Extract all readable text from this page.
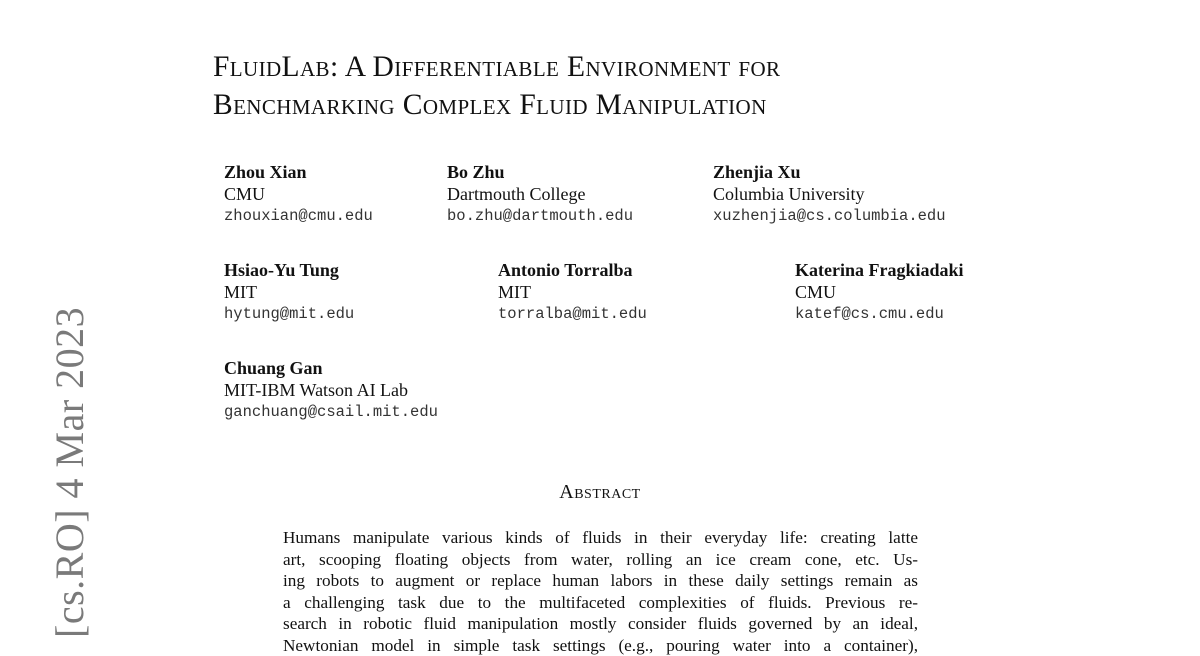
FluidLab: A Differentiable Environment for
Benchmarking Complex Fluid Manipulation
Zhou Xian
CMU
zhouxian@cmu.edu
Bo Zhu
Dartmouth College
bo.zhu@dartmouth.edu
Zhenjia Xu
Columbia University
xuzhenjia@cs.columbia.edu
Hsiao-Yu Tung
MIT
hytung@mit.edu
Antonio Torralba
MIT
torralba@mit.edu
Katerina Fragkiadaki
CMU
katef@cs.cmu.edu
Chuang Gan
MIT-IBM Watson AI Lab
ganchuang@csail.mit.edu
Abstract
Humans manipulate various kinds of fluids in their everyday life: creating latte
art, scooping floating objects from water, rolling an ice cream cone, etc. Us-
ing robots to augment or replace human labors in these daily settings remain as
a challenging task due to the multifaceted complexities of fluids. Previous re-
search in robotic fluid manipulation mostly consider fluids governed by an ideal,
Newtonian model in simple task settings (e.g., pouring water into a container),
[cs.RO] 4 Mar 2023
